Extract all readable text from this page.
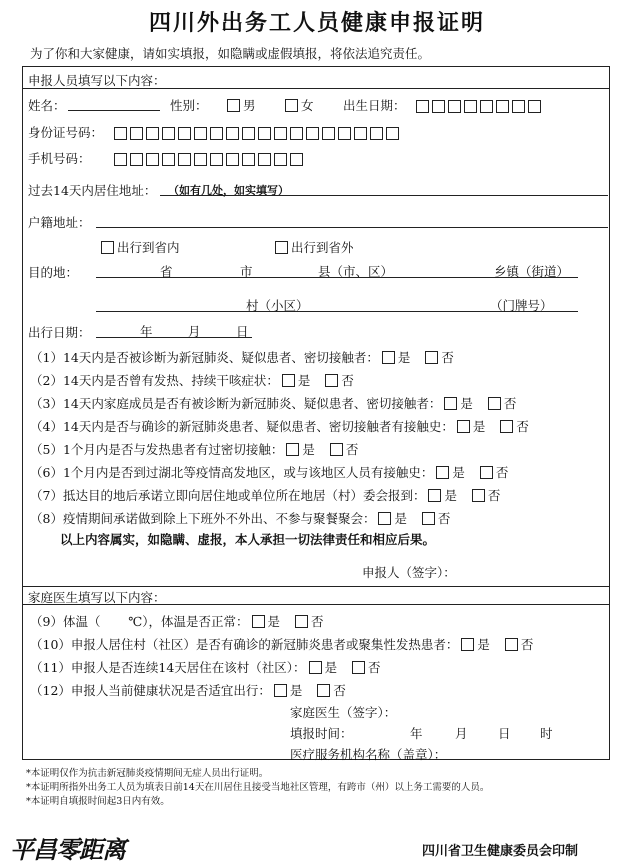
四川外出务工人员健康申报证明
为了你和大家健康，请如实填报，如隐瞒或虚假填报，将依法追究责任。
申报人员填写以下内容：
姓名：	性别：	男	女 出生日期：
身份证号码：
手机号码：
过去14天内居住地址： （如有几处，如实填写）
户籍地址：
出行到省内	出行到省外
目的地：	省	市	县（市、区）	乡镇（街道）
村（小区）	（门牌号）
出行日期：	年	月	日
（1）14天内是否被诊断为新冠肺炎、疑似患者、密切接触者： 是 否
（2）14天内是否曾有发热、持续干咳症状： 是 否
（3）14天内家庭成员是否有被诊断为新冠肺炎、疑似患者、密切接触者： 是 否
（4）14天内是否与确诊的新冠肺炎患者、疑似患者、密切接触者有接触史： 是 否
（5）1个月内是否与发热患者有过密切接触： 是 否
（6）1个月内是否到过湖北等疫情高发地区，或与该地区人员有接触史： 是 否
（7）抵达目的地后承诺立即向居住地或单位所在地居（村）委会报到： 是 否
（8）疫情期间承诺做到除上下班外不外出、不参与聚餐聚会： 是 否
以上内容属实，如隐瞒、虚报，本人承担一切法律责任和相应后果。
申报人（签字）：
家庭医生填写以下内容：
（9）体温（ ℃），体温是否正常： 是 否
（10）申报人居住村（社区）是否有确诊的新冠肺炎患者或聚集性发热患者： 是 否
（11）申报人是否连续14天居住在该村（社区）： 是 否
（12）申报人当前健康状况是否适宜出行： 是 否
家庭医生（签字）：
填报时间：	年	月 日 时
医疗服务机构名称（盖章）：
*本证明仅作为抗击新冠肺炎疫情期间无症人员出行证明。
*本证明所指外出务工人员为填表日前14天在川居住且接受当地社区管理，有跨市（州）以上务工需要的人员。
*本证明自填报时间起3日内有效。
平昌零距离	四川省卫生健康委员会印制
